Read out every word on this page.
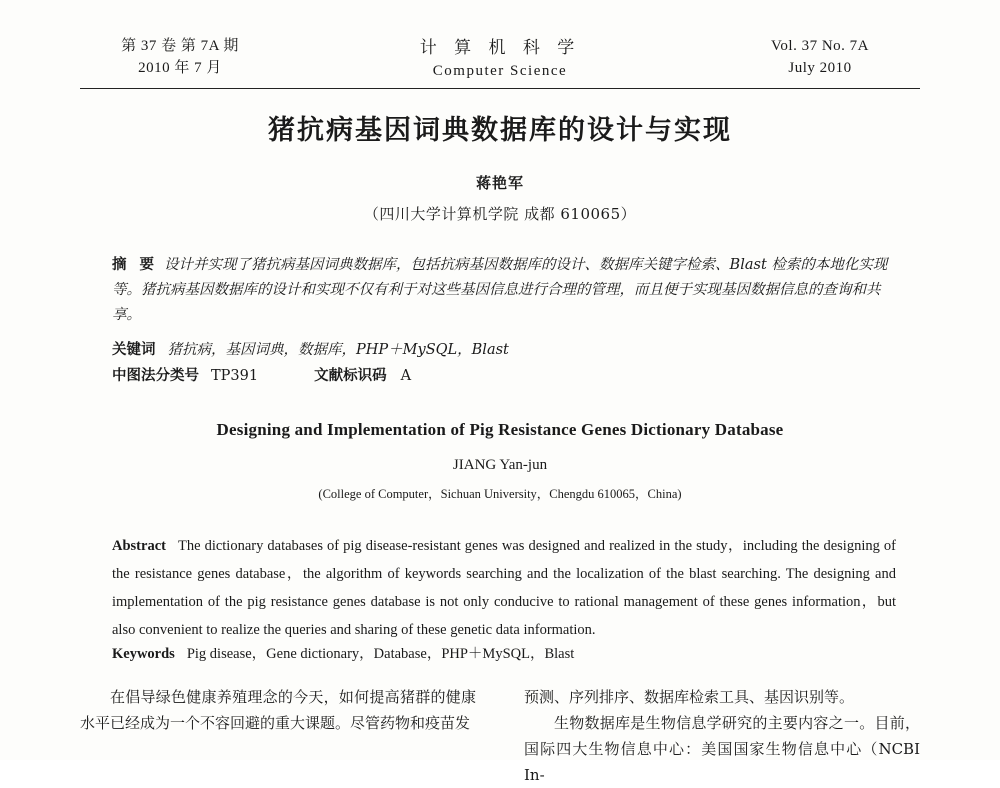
第 37 卷 第 7A 期
2010 年 7 月
计 算 机 科 学
Computer Science
Vol. 37 No. 7A
July 2010
猪抗病基因词典数据库的设计与实现
蒋艳军
（四川大学计算机学院 成都 610065）
摘 要 设计并实现了猪抗病基因词典数据库，包括抗病基因数据库的设计、数据库关键字检索、Blast 检索的本地化实现等。猪抗病基因数据库的设计和实现不仅有利于对这些基因信息进行合理的管理，而且便于实现基因数据信息的查询和共享。
关键词 猪抗病，基因词典，数据库，PHP＋MySQL，Blast
中图法分类号 TP391	文献标识码 A
Designing and Implementation of Pig Resistance Genes Dictionary Database
JIANG Yan-jun
(College of Computer，Sichuan University，Chengdu 610065，China)
Abstract The dictionary databases of pig disease-resistant genes was designed and realized in the study，including the designing of the resistance genes database，the algorithm of keywords searching and the localization of the blast searching. The designing and implementation of the pig resistance genes database is not only conducive to rational management of these genes information，but also convenient to realize the queries and sharing of these genetic data information.
Keywords Pig disease，Gene dictionary，Database，PHP＋MySQL，Blast

在倡导绿色健康养殖理念的今天，如何提高猪群的健康水平已经成为一个不容回避的重大课题。尽管药物和疫苗发

预测、序列排序、数据库检索工具、基因识别等。

生物数据库是生物信息学研究的主要内容之一。目前，国际四大生物信息中心：美国国家生物信息中心（NCBI In-
